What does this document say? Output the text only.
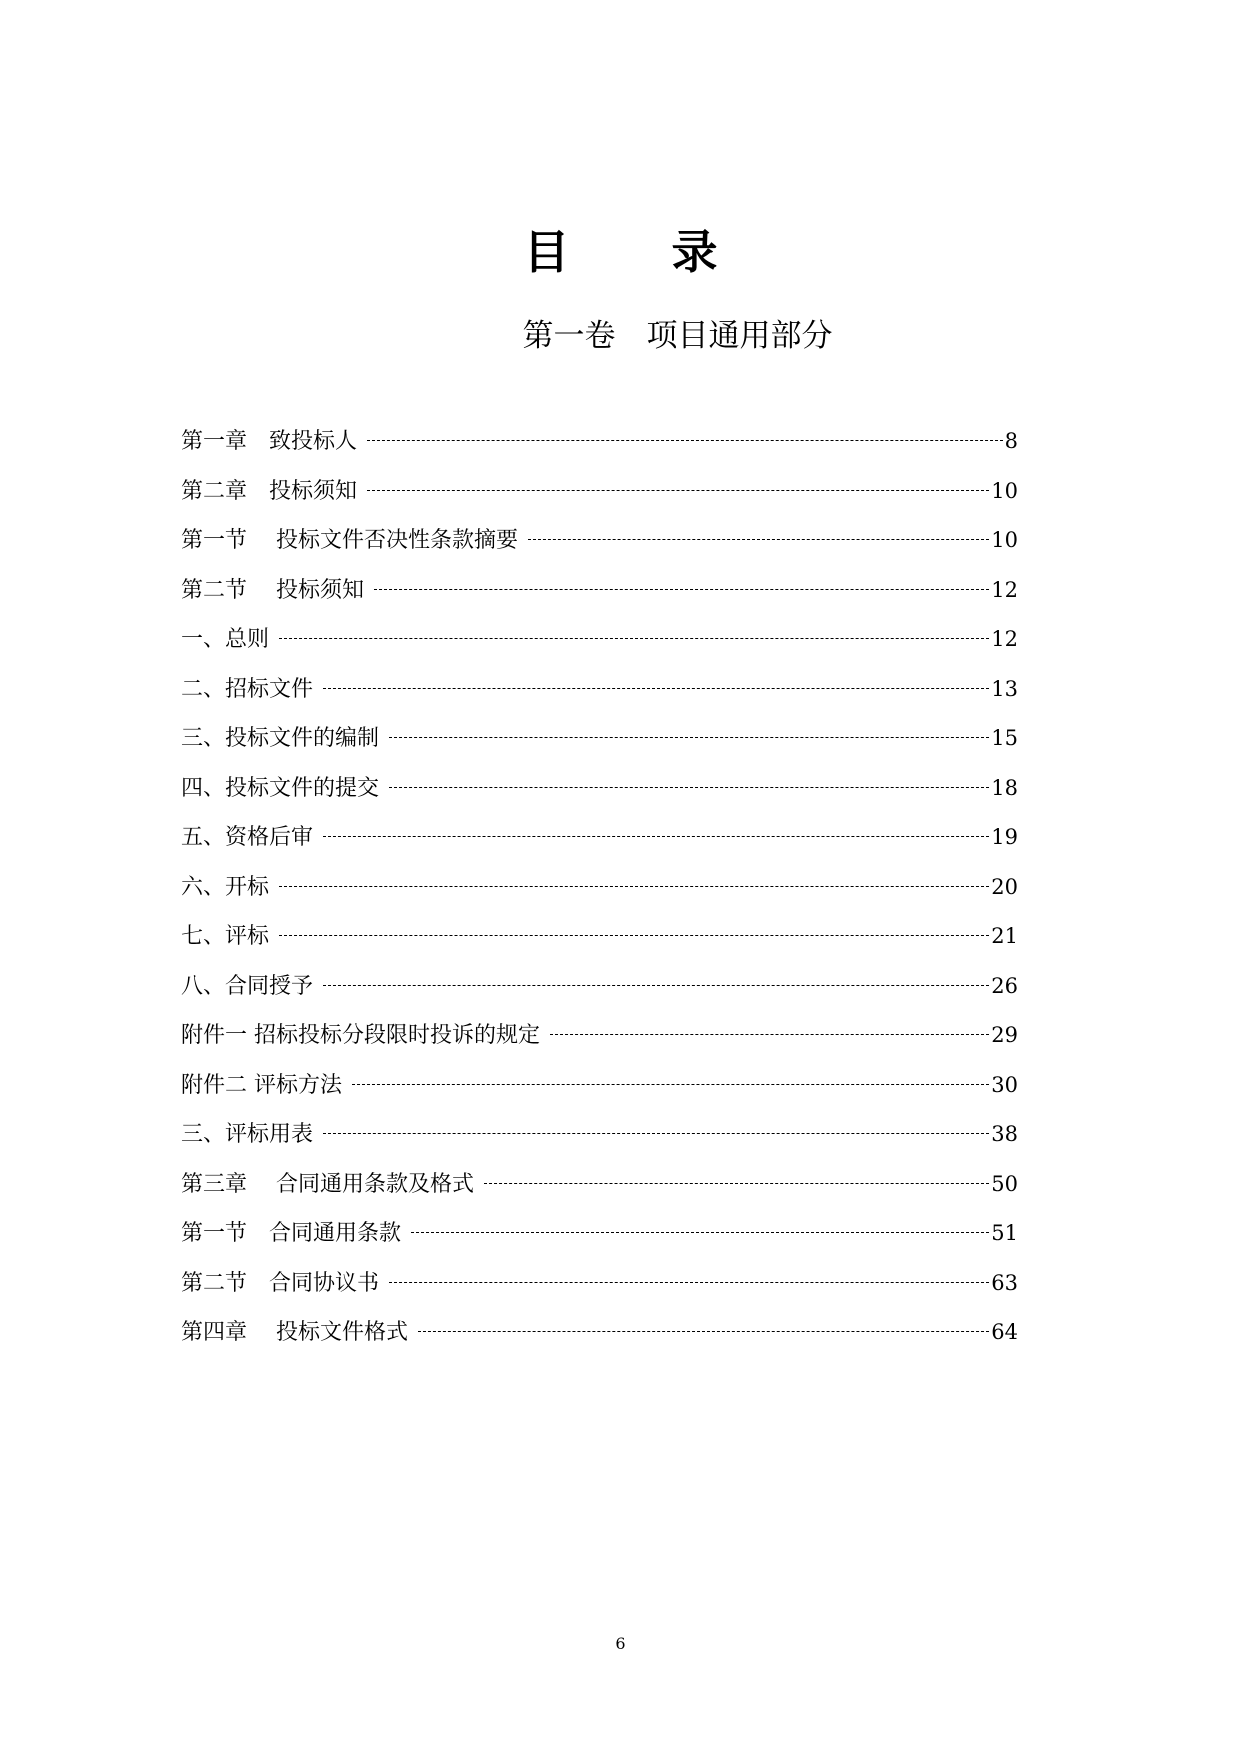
目　录
第一卷　项目通用部分
第一章　致投标人	8
第二章　投标须知	10
第一节　 投标文件否决性条款摘要	10
第二节　 投标须知	12
一、总则	12
二、招标文件	13
三、投标文件的编制	15
四、投标文件的提交	18
五、资格后审	19
六、开标	20
七、评标	21
八、合同授予	26
附件一 招标投标分段限时投诉的规定	29
附件二 评标方法	30
三、评标用表	38
第三章　 合同通用条款及格式	50
第一节　合同通用条款	51
第二节　合同协议书	63
第四章　 投标文件格式	64
6
